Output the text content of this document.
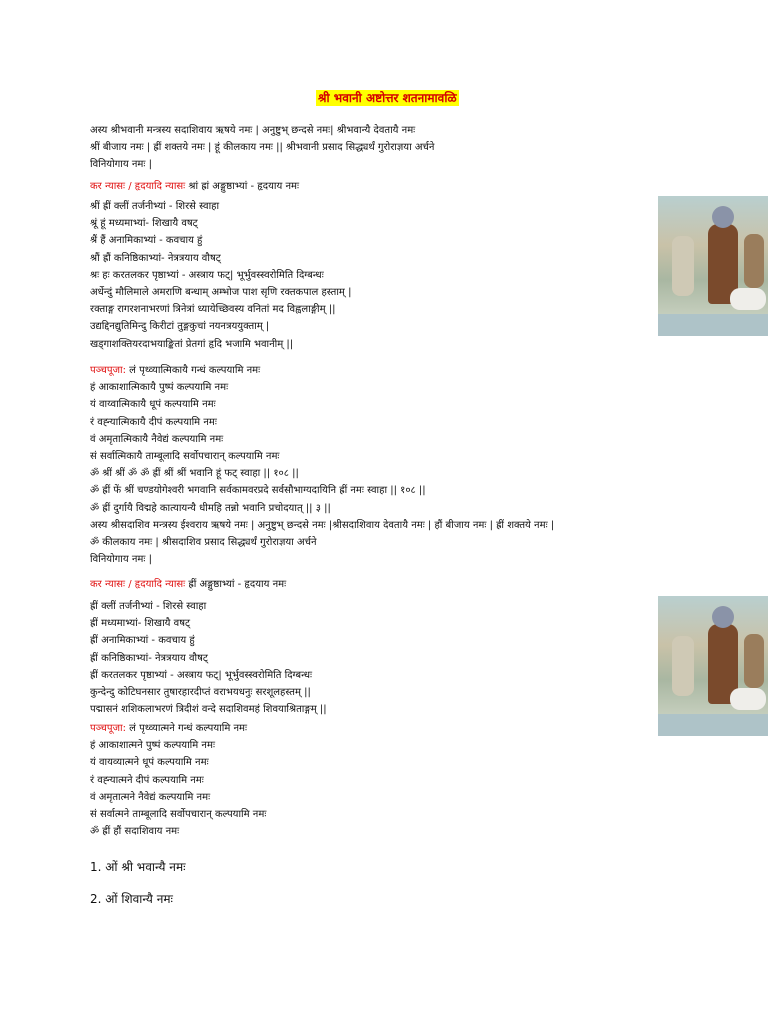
श्री भवानी अष्टोत्तर शतनामावळि
अस्य श्रीभवानी मन्त्रस्य सदाशिवाय ऋषये नमः | अनुष्टुभ् छन्दसे नमः| श्रीभवान्यै देवतायै नमः
श्रीं बीजाय नमः | ह्रीं शक्तये नमः | हूं कीलकाय नमः || श्रीभवानी प्रसाद सिद्ध्यर्थं गुरोराज्ञया अर्चने
विनियोगाय नमः |
कर न्यासः / हृदयादि न्यासः श्रां ह्रां अङ्गुष्ठाभ्यां - हृदयाय नमः
श्रीं ह्रीं क्लीं तर्जनीभ्यां - शिरसे स्वाहा
श्रूं हूं मध्यमाभ्यां- शिखायै वषट्
श्रैं हैं अनामिकाभ्यां - कवचाय हुं
श्रौं ह्रौं कनिष्ठिकाभ्यां- नेत्रत्रयाय वौषट्
श्रः हः करतलकर पृष्ठाभ्यां - अस्त्राय फट्| भूर्भुवस्स्वरोमिति दिग्बन्धः
अर्धेन्दुं मौलिमाले अमराणि बन्धाम् अम्भोज पाश सृणि रक्तकपाल हस्ताम् |
रक्ताङ्ग रागरशनाभरणां त्रिनेत्रां ध्यायेच्छिवस्य वनितां मद विह्वलाङ्गीम् ||
उद्यद्दिनद्युतिमिन्दु किरीटां तुङ्गकुचां नयनत्रययुक्ताम् |
खड्गाशक्तियरदाभयाङ्कितां प्रेतगां हृदि भजामि भवानीम् ||
पञ्चपूजा: लं पृथ्व्यात्मिकायै गन्धं कल्पयामि नमः
हं आकाशात्मिकायै पुष्पं कल्पयामि नमः
यं वाय्वात्मिकायै धूपं कल्पयामि नमः
रं वह्न्यात्मिकायै दीपं कल्पयामि नमः
वं अमृतात्मिकायै नैवेद्यं कल्पयामि नमः
सं सर्वात्मिकायै ताम्बूलादि सर्वोपचारान् कल्पयामि नमः
ॐ श्रीं श्रीं ॐ ॐ ह्रीं श्रीं श्रीं भवानि हूं फट् स्वाहा || १०८ ||
ॐ ह्रीं फें श्रीं चण्डयोगेश्वरी भगवानि सर्वकामवरप्रदे सर्वसौभाग्यदायिनि ह्रीं नमः स्वाहा || १०८ ||
ॐ ह्रीं दुर्गायै विद्महे कात्यायन्यै धीमहि तन्नो भवानि प्रचोदयात् || ३ ||
अस्य श्रीसदाशिव मन्त्रस्य ईश्वराय ऋषये नमः | अनुष्टुभ् छन्दसे नमः |श्रीसदाशिवाय देवतायै नमः | हौं बीजाय नमः | ह्रीं शक्तये नमः |
ॐ कीलकाय नमः | श्रीसदाशिव प्रसाद सिद्ध्यर्थं गुरोराज्ञया अर्चने
विनियोगाय नमः |
कर न्यासः / हृदयादि न्यासः ह्रीं अङ्गुष्ठाभ्यां - हृदयाय नमः
ह्रीं क्लीं तर्जनीभ्यां - शिरसे स्वाहा
ह्रीं मध्यमाभ्यां- शिखायै वषट्
ह्रीं अनामिकाभ्यां - कवचाय हुं
ह्रीं कनिष्ठिकाभ्यां- नेत्रत्रयाय वौषट्
ह्रीं करतलकर पृष्ठाभ्यां - अस्त्राय फट्| भूर्भुवस्स्वरोमिति दिग्बन्धः
कुन्देन्दु कोटिघनसार तुषारहारदीप्तं वराभयधनुः सरशूलहस्तम् ||
पद्मासनं शशिकलाभरणं त्रिदीशं वन्दे सदाशिवमहं शिवयाश्रिताङ्गम् ||
पञ्चपूजा: लं पृथ्व्यात्मने गन्धं कल्पयामि नमः
हं आकाशात्मने पुष्पं कल्पयामि नमः
यं वायव्यात्मने धूपं कल्पयामि नमः
रं वह्न्यात्मने दीपं कल्पयामि नमः
वं अमृतात्मने नैवेद्यं कल्पयामि नमः
सं सर्वात्मने ताम्बूलादि सर्वोपचारान् कल्पयामि नमः
ॐ ह्रीं हौं सदाशिवाय नमः
1. ओं श्री भवान्यै नमः
2. ओं शिवान्यै नमः
